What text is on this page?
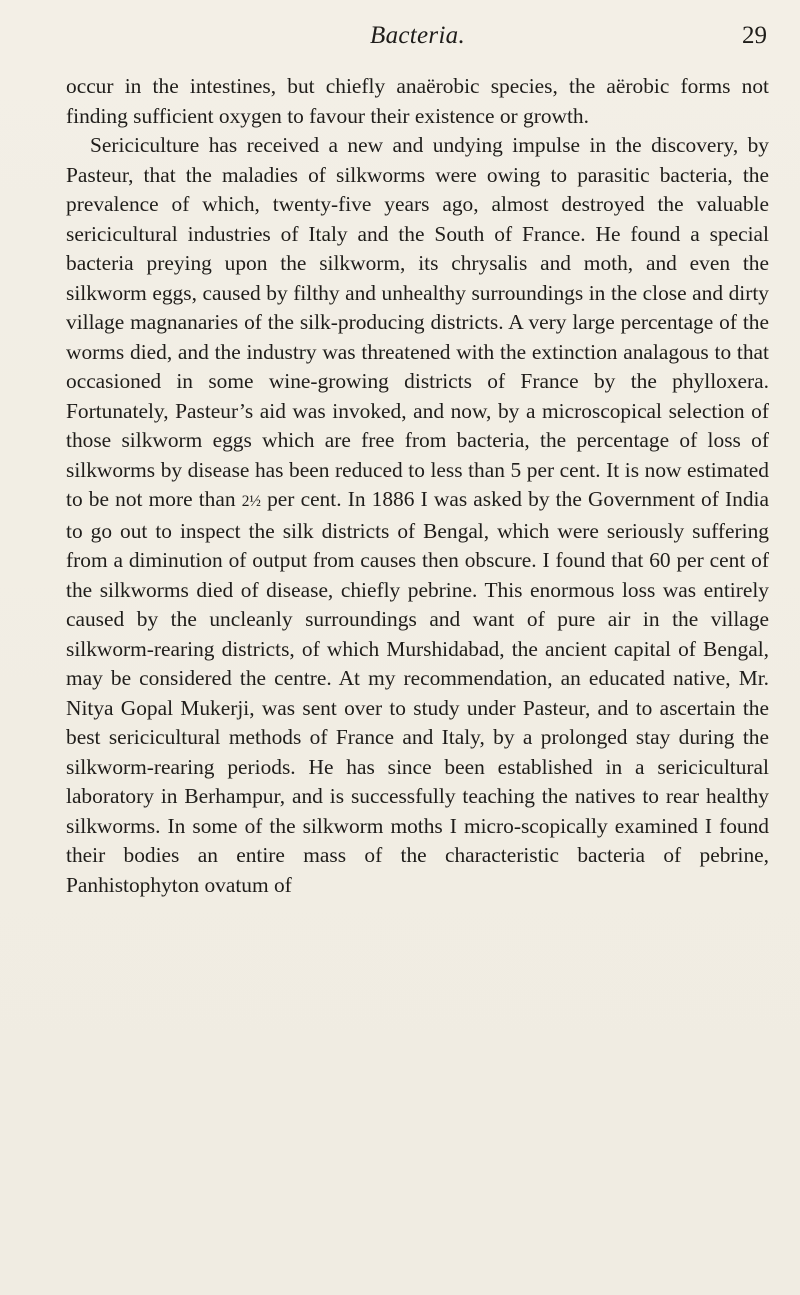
Bacteria.	29

occur in the intestines, but chiefly anaërobic species, the aërobic forms not finding sufficient oxygen to favour their existence or growth.

Sericiculture has received a new and undying impulse in the discovery, by Pasteur, that the maladies of silkworms were owing to parasitic bacteria, the prevalence of which, twenty-five years ago, almost destroyed the valuable sericicultural industries of Italy and the South of France. He found a special bacteria preying upon the silkworm, its chrysalis and moth, and even the silkworm eggs, caused by filthy and unhealthy surroundings in the close and dirty village magnanaries of the silk-producing districts. A very large percentage of the worms died, and the industry was threatened with the extinction analagous to that occasioned in some wine-growing districts of France by the phylloxera. Fortunately, Pasteur’s aid was invoked, and now, by a microscopical selection of those silkworm eggs which are free from bacteria, the percentage of loss of silkworms by disease has been reduced to less than 5 per cent. It is now estimated to be not more than 2½ per cent. In 1886 I was asked by the Government of India to go out to inspect the silk districts of Bengal, which were seriously suffering from a diminution of output from causes then obscure. I found that 60 per cent of the silkworms died of disease, chiefly pebrine. This enormous loss was entirely caused by the uncleanly surroundings and want of pure air in the village silkworm-rearing districts, of which Murshidabad, the ancient capital of Bengal, may be considered the centre. At my recommendation, an educated native, Mr. Nitya Gopal Mukerji, was sent over to study under Pasteur, and to ascertain the best sericicultural methods of France and Italy, by a prolonged stay during the silkworm-rearing periods. He has since been established in a sericicultural laboratory in Berhampur, and is successfully teaching the natives to rear healthy silkworms. In some of the silkworm moths I micro-scopically examined I found their bodies an entire mass of the characteristic bacteria of pebrine, Panhistophyton ovatum of
